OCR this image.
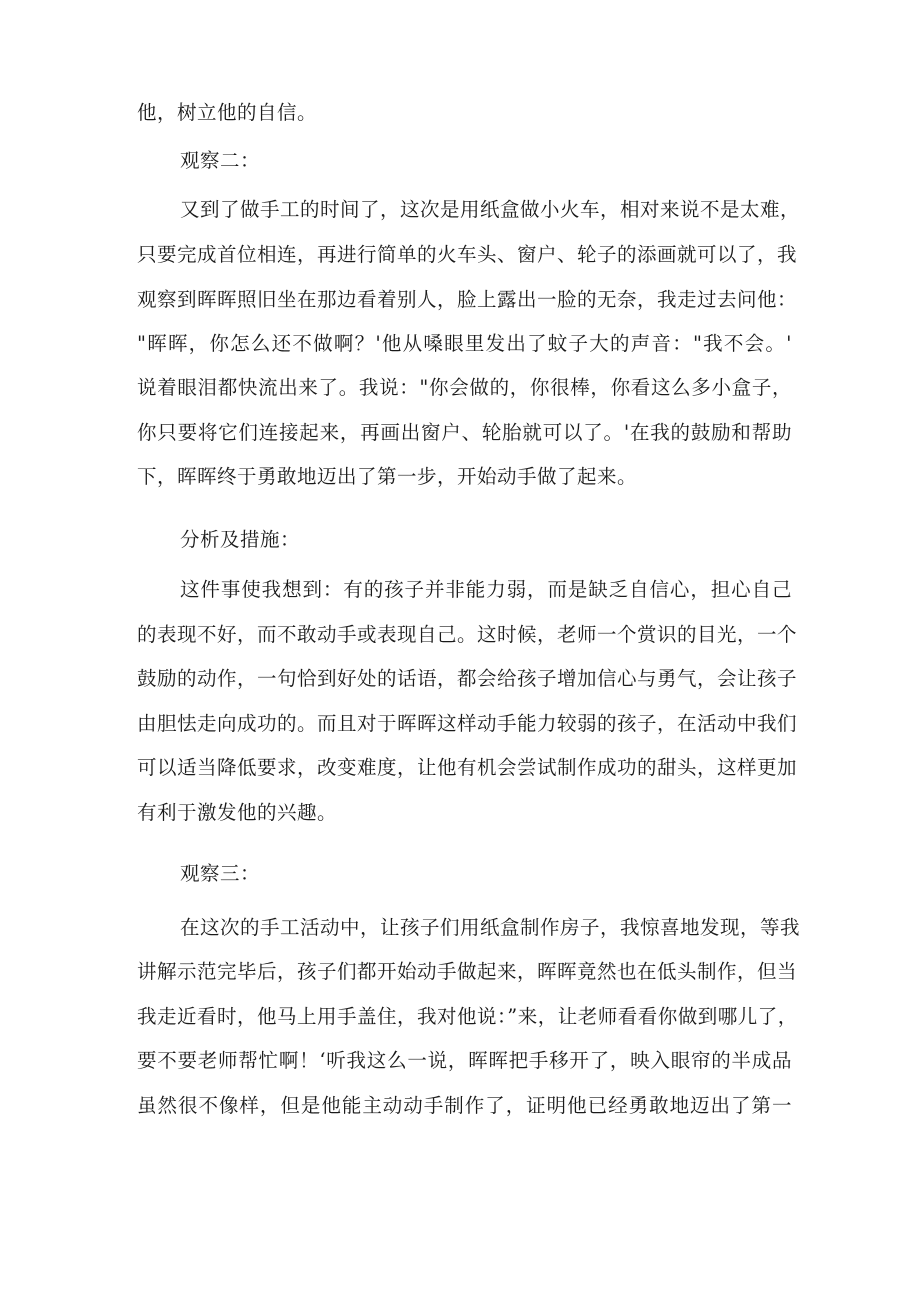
他，树立他的自信。
观察二：
又到了做手工的时间了，这次是用纸盒做小火车，相对来说不是太难，
只要完成首位相连，再进行简单的火车头、窗户、轮子的添画就可以了，我
观察到晖晖照旧坐在那边看着别人，脸上露出一脸的无奈，我走过去问他：
"晖晖，你怎么还不做啊？'他从嗓眼里发出了蚊子大的声音："我不会。'
说着眼泪都快流出来了。我说："你会做的，你很棒，你看这么多小盒子，
你只要将它们连接起来，再画出窗户、轮胎就可以了。'在我的鼓励和帮助
下，晖晖终于勇敢地迈出了第一步，开始动手做了起来。
分析及措施：
这件事使我想到：有的孩子并非能力弱，而是缺乏自信心，担心自己
的表现不好，而不敢动手或表现自己。这时候，老师一个赏识的目光，一个
鼓励的动作，一句恰到好处的话语，都会给孩子增加信心与勇气，会让孩子
由胆怯走向成功的。而且对于晖晖这样动手能力较弱的孩子，在活动中我们
可以适当降低要求，改变难度，让他有机会尝试制作成功的甜头，这样更加
有利于激发他的兴趣。
观察三：
在这次的手工活动中，让孩子们用纸盒制作房子，我惊喜地发现，等我
讲解示范完毕后，孩子们都开始动手做起来，晖晖竟然也在低头制作，但当
我走近看时，他马上用手盖住，我对他说：”来，让老师看看你做到哪儿了，
要不要老师帮忙啊！‘听我这么一说，晖晖把手移开了，映入眼帘的半成品
虽然很不像样，但是他能主动动手制作了，证明他已经勇敢地迈出了第一
